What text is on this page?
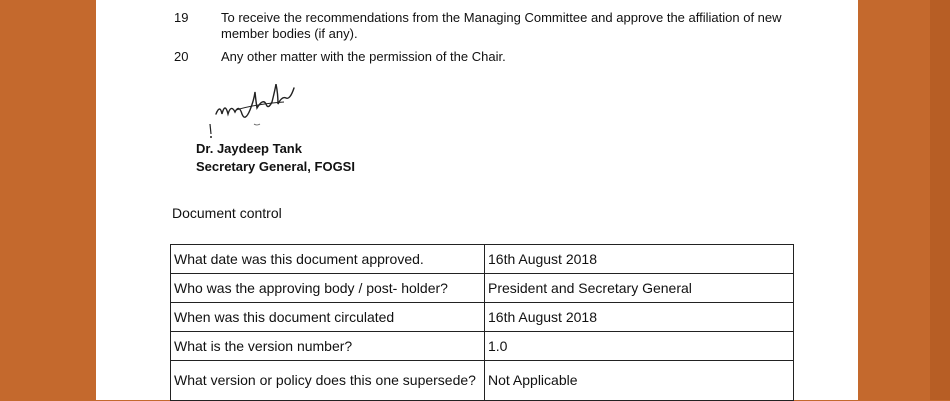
19	To receive the recommendations from the Managing Committee and approve the affiliation of new member bodies (if any).
20	Any other matter with the permission of the Chair.
Dr. Jaydeep Tank
Secretary General, FOGSI
Document control
What date was this document approved.	16th August 2018
Who was the approving body / post- holder?	President and Secretary General
When was this document circulated	16th August 2018
What is the version number?	1.0
What version or policy does this one supersede?	Not Applicable
